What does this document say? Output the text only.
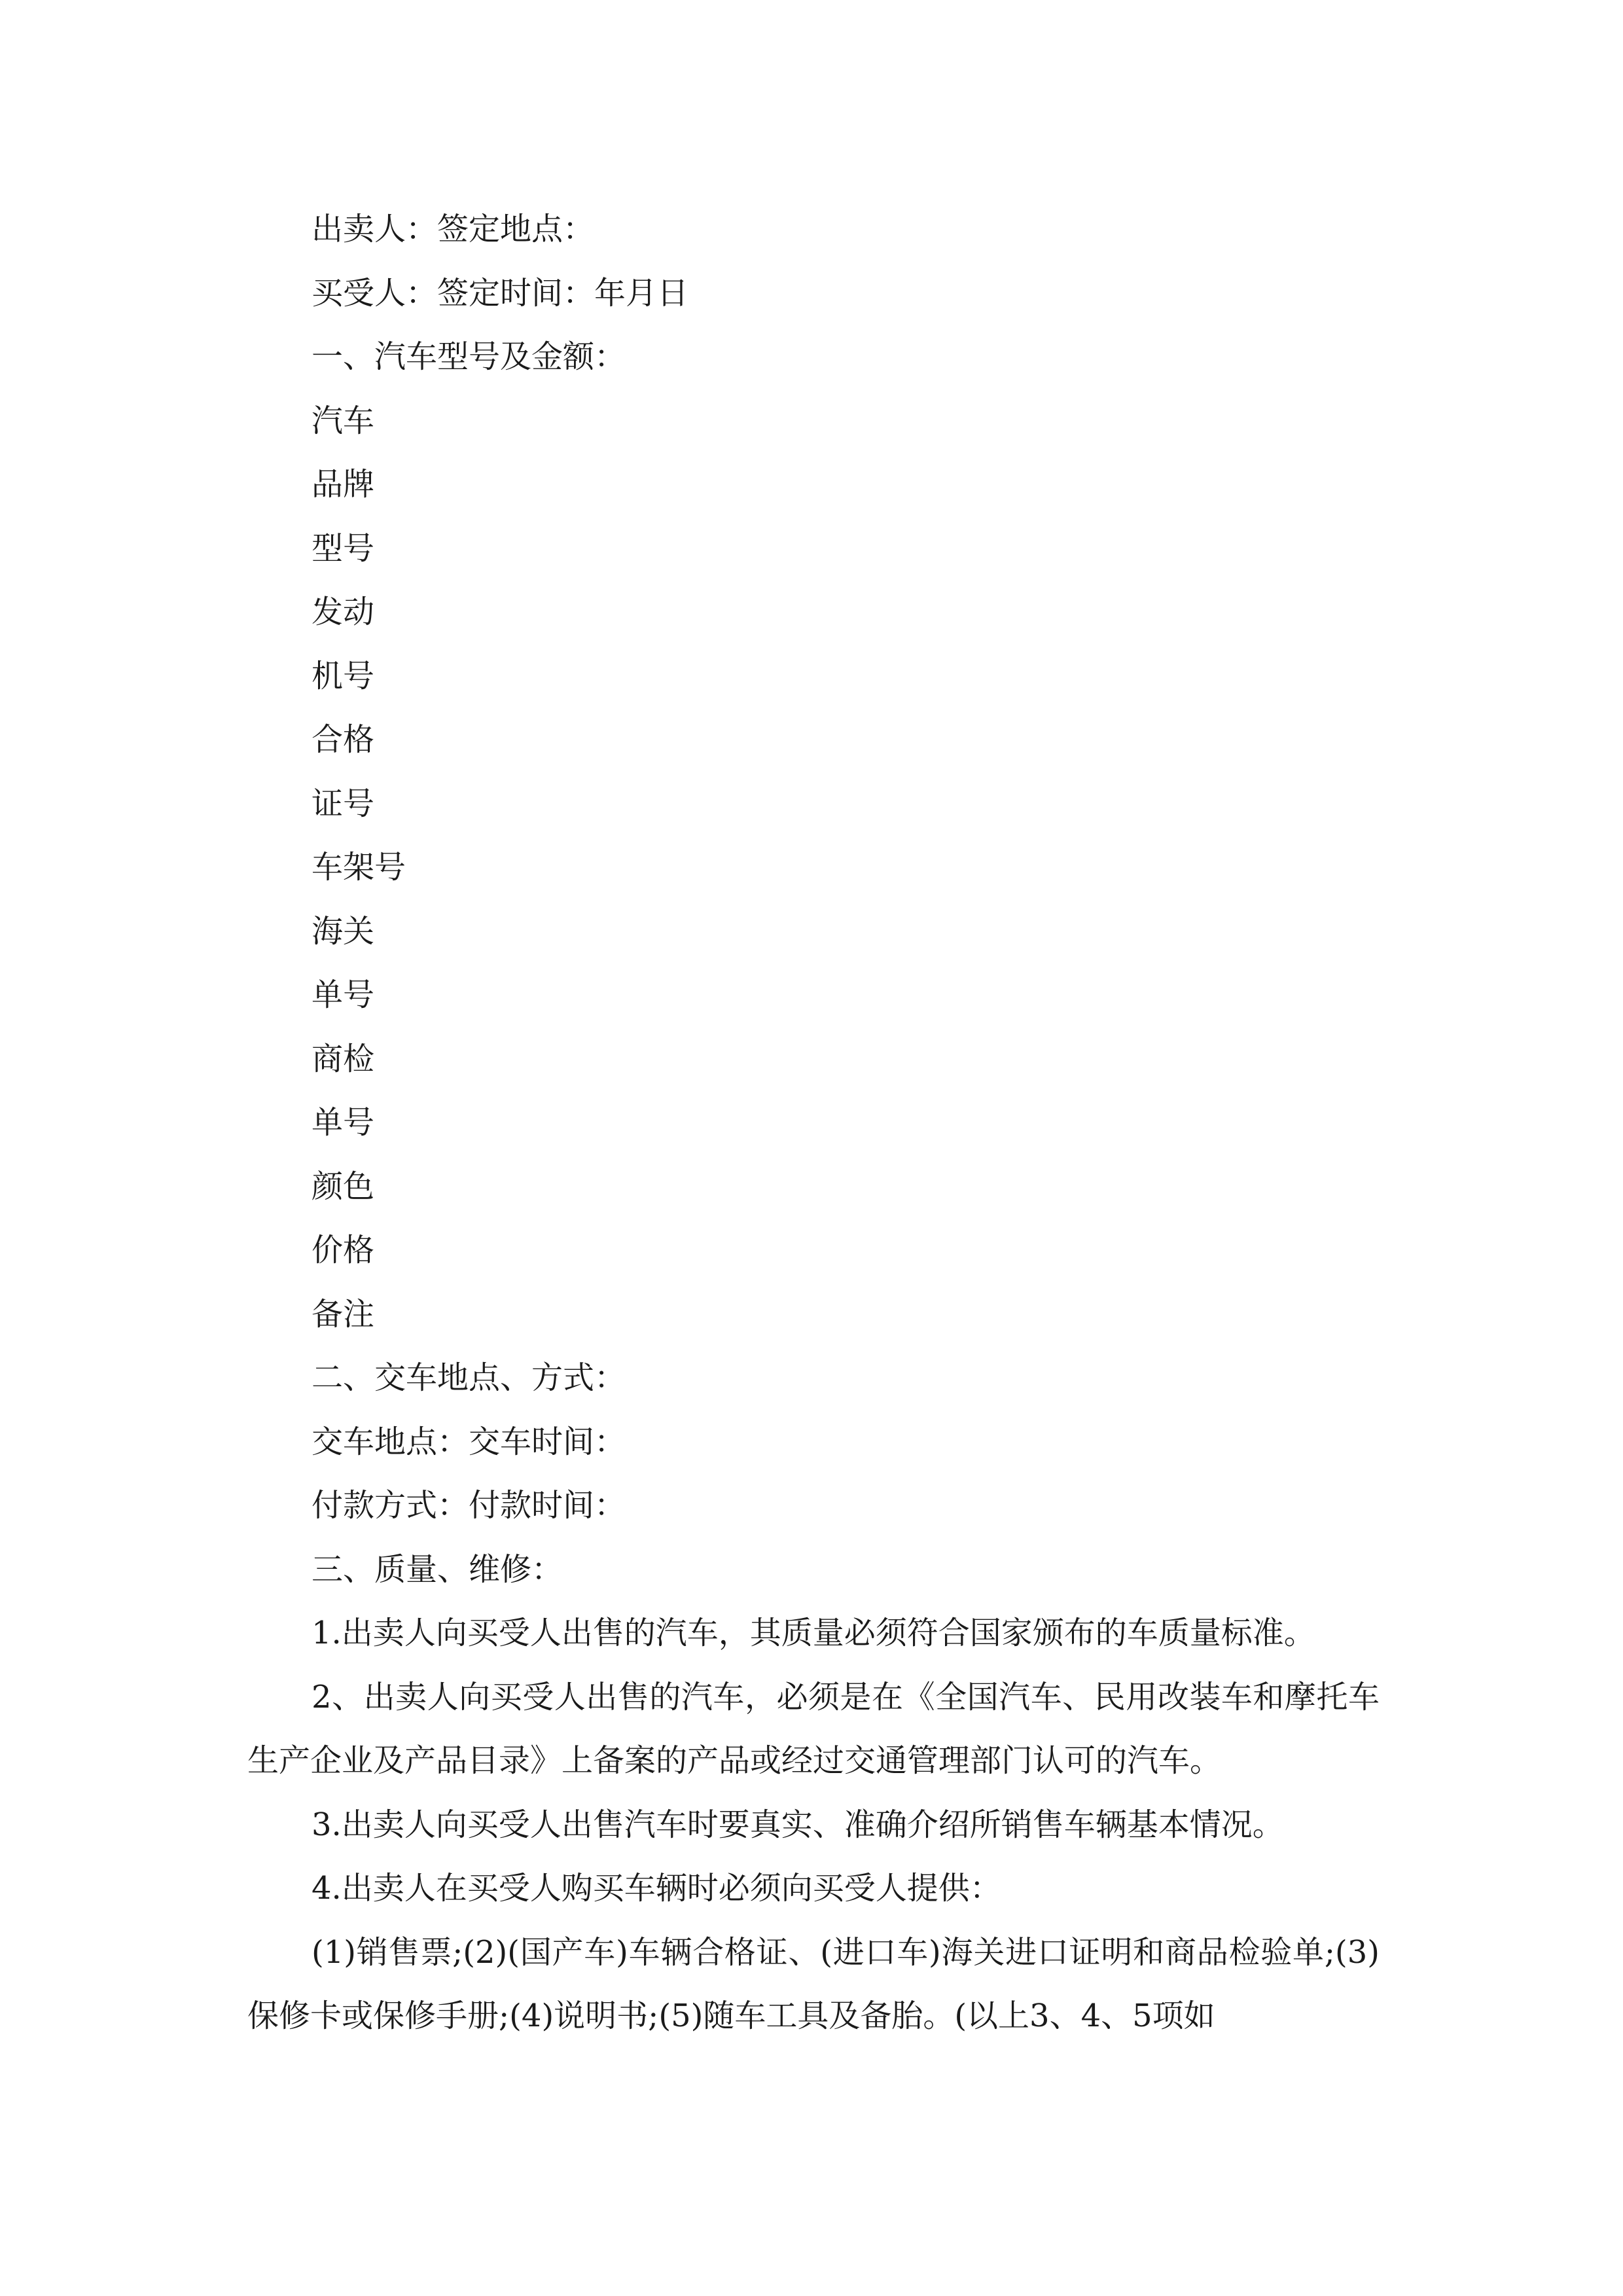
出卖人：签定地点：
买受人：签定时间：年月日
一、汽车型号及金额：
汽车
品牌
型号
发动
机号
合格
证号
车架号
海关
单号
商检
单号
颜色
价格
备注
二、交车地点、方式：
交车地点：交车时间：
付款方式：付款时间：
三、质量、维修：
1.出卖人向买受人出售的汽车，其质量必须符合国家颁布的车质量标准。
2、出卖人向买受人出售的汽车，必须是在《全国汽车、民用改装车和摩托车生产企业及产品目录》上备案的产品或经过交通管理部门认可的汽车。
3.出卖人向买受人出售汽车时要真实、准确介绍所销售车辆基本情况。
4.出卖人在买受人购买车辆时必须向买受人提供：
(1)销售票;(2)(国产车)车辆合格证、(进口车)海关进口证明和商品检验单;(3)保修卡或保修手册;(4)说明书;(5)随车工具及备胎。(以上3、4、5项如
